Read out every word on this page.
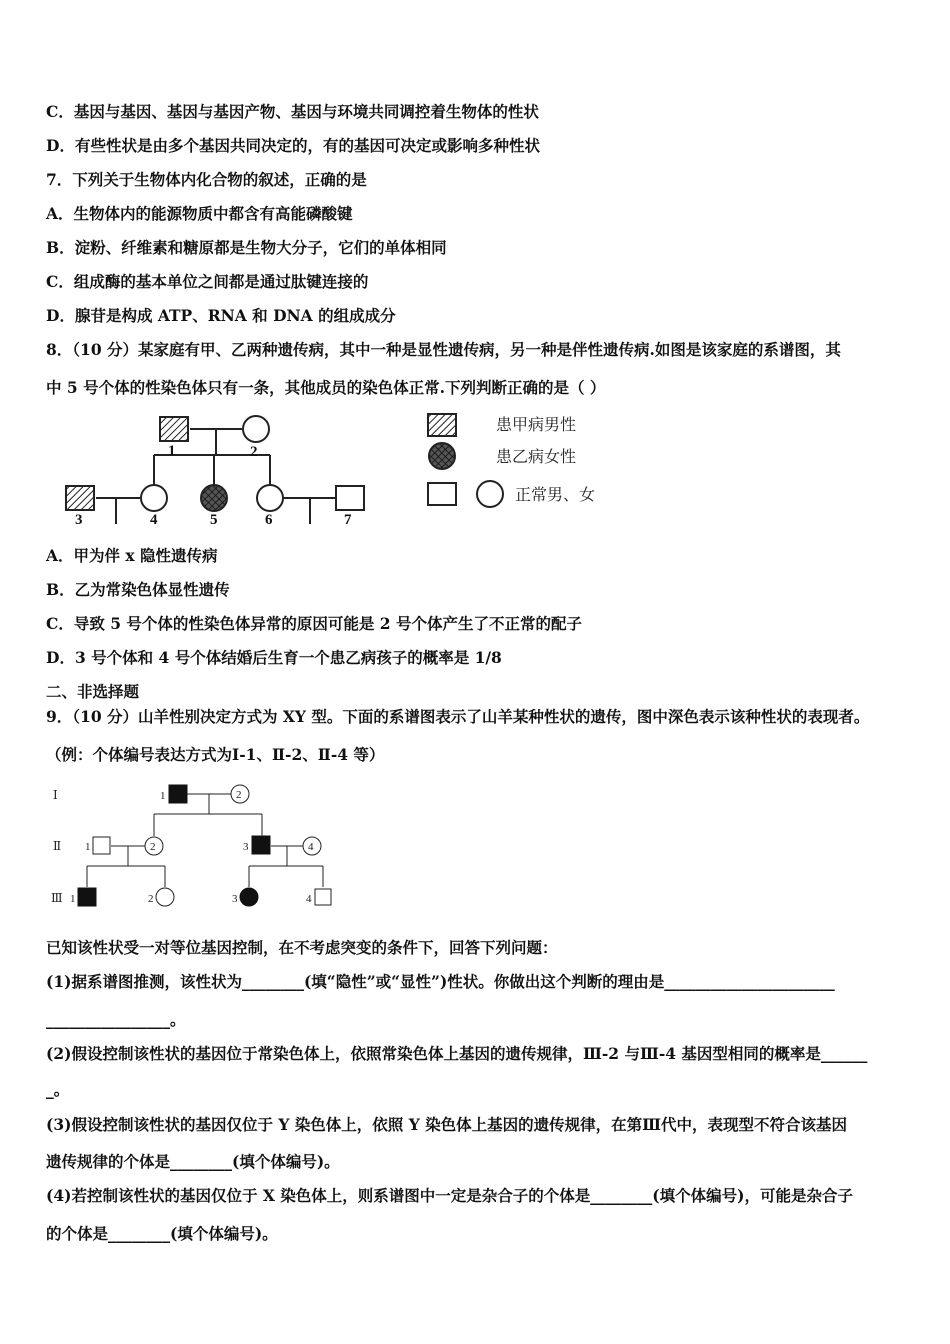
C．基因与基因、基因与基因产物、基因与环境共同调控着生物体的性状
D．有些性状是由多个基因共同决定的，有的基因可决定或影响多种性状
7．下列关于生物体内化合物的叙述，正确的是
A．生物体内的能源物质中都含有高能磷酸键
B．淀粉、纤维素和糖原都是生物大分子，它们的单体相同
C．组成酶的基本单位之间都是通过肽键连接的
D．腺苷是构成 ATP、RNA 和 DNA 的组成成分
8．（10 分）某家庭有甲、乙两种遗传病，其中一种是显性遗传病，另一种是伴性遗传病.如图是该家庭的系谱图，其
中 5 号个体的性染色体只有一条，其他成员的染色体正常.下列判断正确的是（ ）
1	2
3	4	5	6	7
患甲病男性
患乙病女性
正常男、女
A．甲为伴 x 隐性遗传病
B．乙为常染色体显性遗传
C．导致 5 号个体的性染色体异常的原因可能是 2 号个体产生了不正常的配子
D．3 号个体和 4 号个体结婚后生育一个患乙病孩子的概率是 1/8
二、非选择题
9．（10 分）山羊性别决定方式为 XY 型。下面的系谱图表示了山羊某种性状的遗传，图中深色表示该种性状的表现者。
（例：个体编号表达方式为Ⅰ-1、Ⅱ-2、Ⅱ-4 等）
Ⅰ
Ⅱ
Ⅲ
1	2
1	2	3	4
1	2	3	4
已知该性状受一对等位基因控制，在不考虑突变的条件下，回答下列问题：
(1)据系谱图推测，该性状为________(填“隐性”或“显性”)性状。你做出这个判断的理由是______________________
________________。
(2)假设控制该性状的基因位于常染色体上，依照常染色体上基因的遗传规律，Ⅲ-2 与Ⅲ-4 基因型相同的概率是______
_。
(3)假设控制该性状的基因仅位于 Y 染色体上，依照 Y 染色体上基因的遗传规律，在第Ⅲ代中，表现型不符合该基因
遗传规律的个体是________(填个体编号)。
(4)若控制该性状的基因仅位于 X 染色体上，则系谱图中一定是杂合子的个体是________(填个体编号)，可能是杂合子
的个体是________(填个体编号)。
